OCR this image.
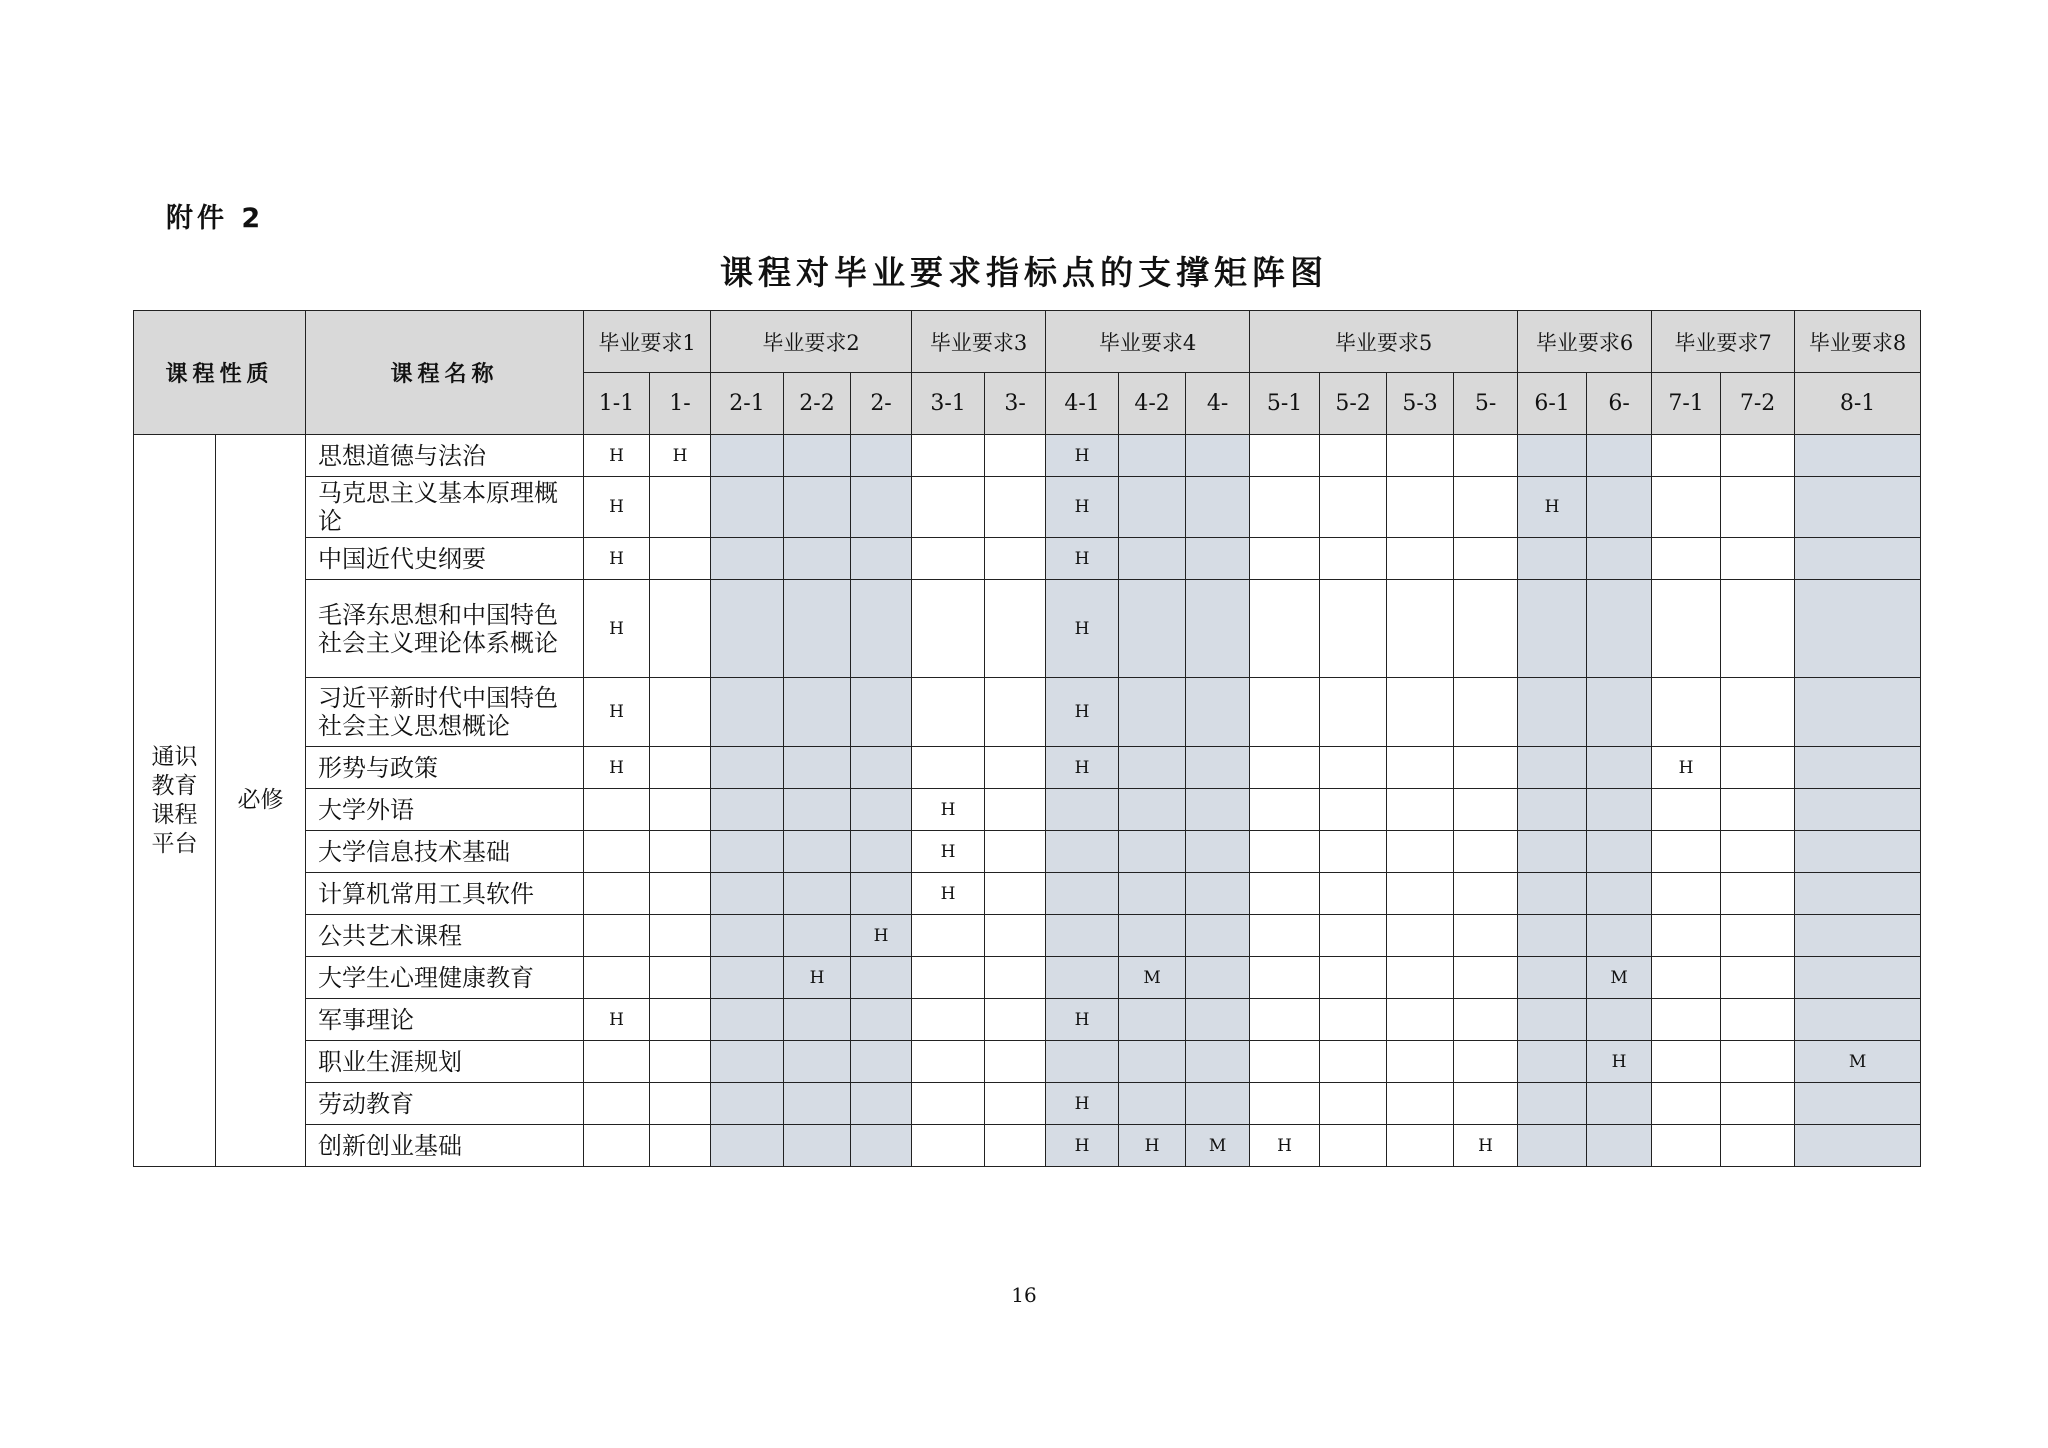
附件 2

课程对毕业要求指标点的支撑矩阵图
课程性质		课程名称	毕业要求1		毕业要求2			毕业要求3		毕业要求4			毕业要求5				毕业要求6		毕业要求7		毕业要求8
			1-1	1-	2-1	2-2	2-	3-1	3-	4-1	4-2	4-	5-1	5-2	5-3	5-	6-1	6-	7-1	7-2	8-1
通识
教育
课程
平台	必修	思想道德与法治	H	H						H											
		马克思主义基本原理概论	H							H							H				
		中国近代史纲要	H							H											
		毛泽东思想和中国特色社会主义理论体系概论	H							H											
		习近平新时代中国特色社会主义思想概论	H							H											
		形势与政策	H							H									H		
		大学外语						H													
		大学信息技术基础						H													
		计算机常用工具软件						H													
		公共艺术课程					H														
		大学生心理健康教育				H					M							M			
		军事理论	H							H											
		职业生涯规划																H			M
		劳动教育								H											
		创新创业基础								H	H	M	H			H					

16
